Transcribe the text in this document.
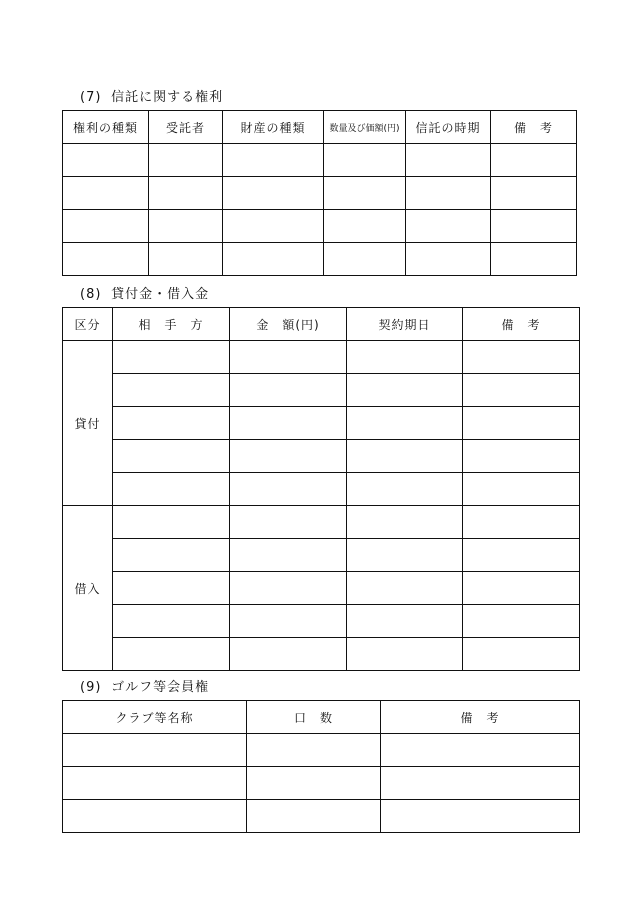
(7) 信託に関する権利
権利の種類	受託者	財産の種類	数量及び価額(円)	信託の時期	備　考

(8) 貸付金・借入金
区分	相　手　方	金　額(円)	契約期日	備　考
貸付				

借入				

(9) ゴルフ等会員権
クラブ等名称	口　数	備　考
